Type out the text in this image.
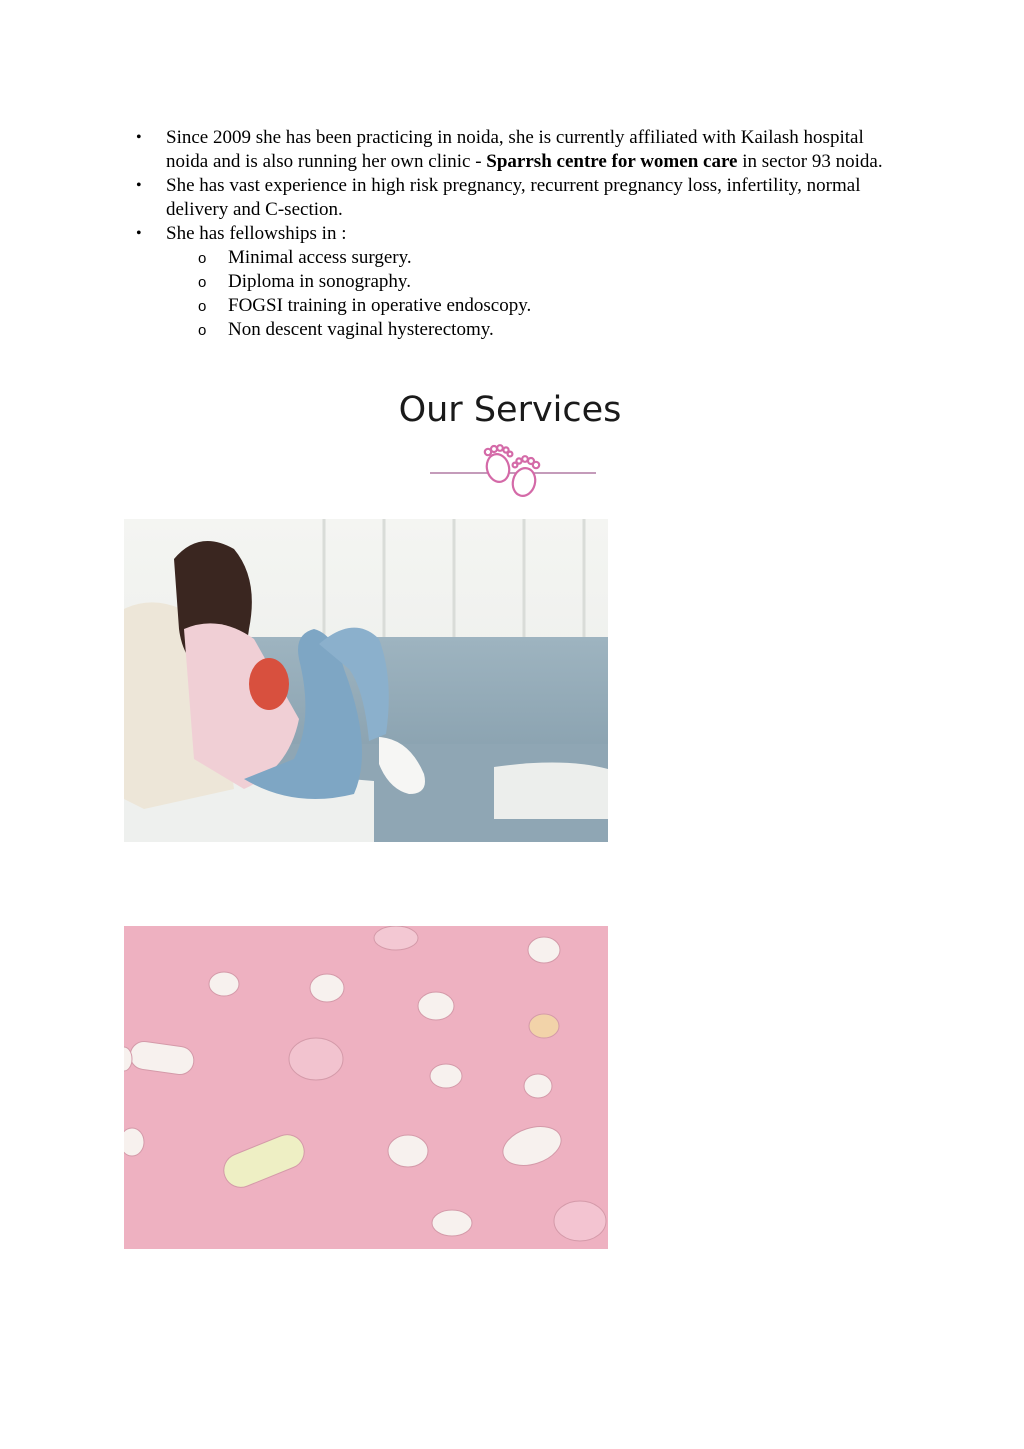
• Since 2009 she has been practicing in noida, she is currently affiliated with Kailash hospital noida and is also running her own clinic - Sparrsh centre for women care in sector 93 noida.
• She has vast experience in high risk pregnancy, recurrent pregnancy loss, infertility, normal delivery and C-section.
• She has fellowships in :
o Minimal access surgery.
o Diploma in sonography.
o FOGSI training in operative endoscopy.
o Non descent vaginal hysterectomy.
Our Services
